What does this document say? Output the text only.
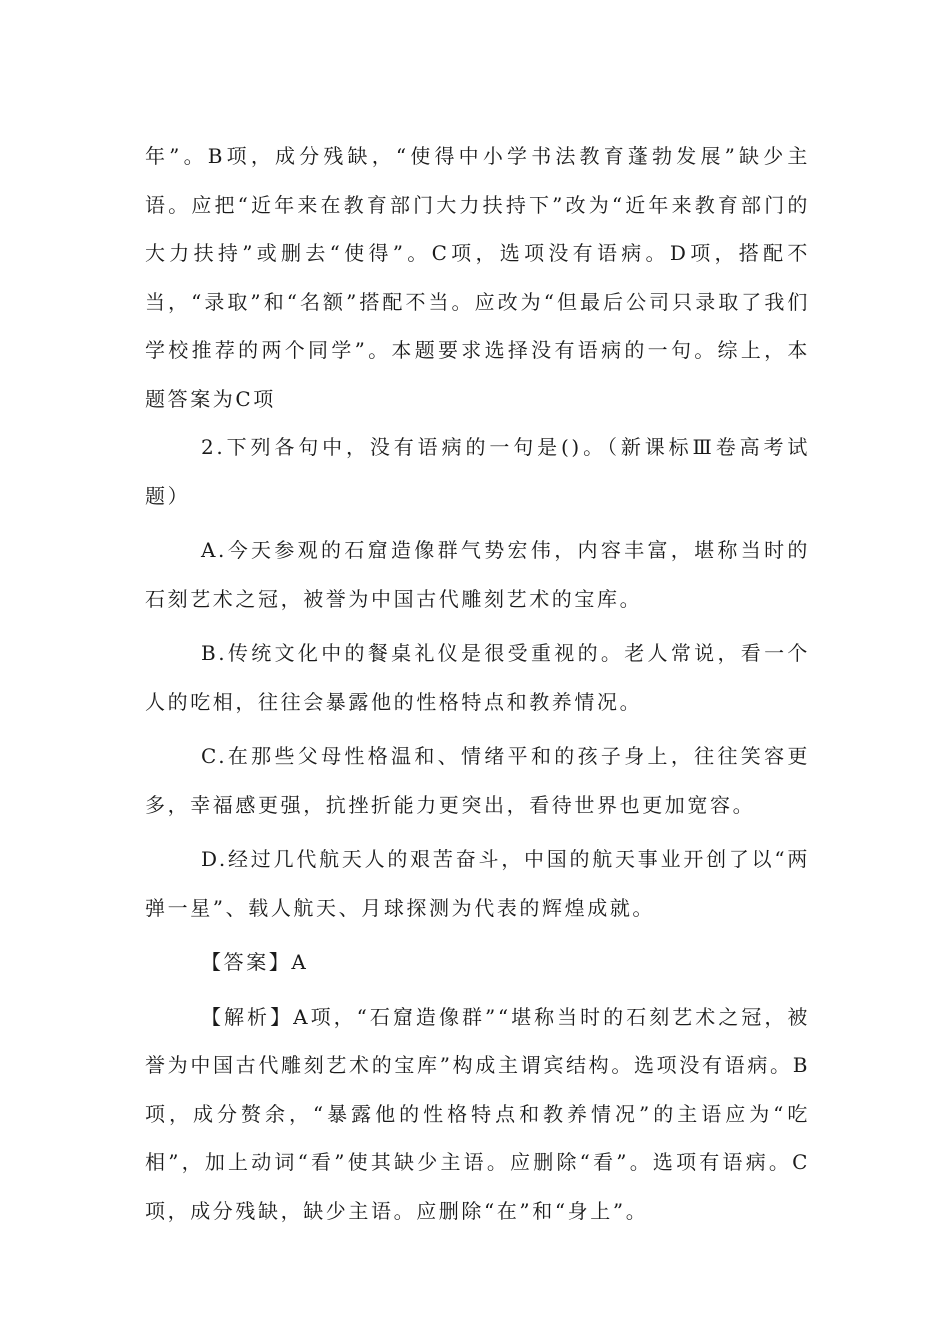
年”。B项，成分残缺，“使得中小学书法教育蓬勃发展”缺少主语。应把“近年来在教育部门大力扶持下”改为“近年来教育部门的大力扶持”或删去“使得”。C项，选项没有语病。D项，搭配不当，“录取”和“名额”搭配不当。应改为“但最后公司只录取了我们学校推荐的两个同学”。本题要求选择没有语病的一句。综上，本题答案为C项

2.下列各句中，没有语病的一句是()。（新课标Ⅲ卷高考试题）

A.今天参观的石窟造像群气势宏伟，内容丰富，堪称当时的石刻艺术之冠，被誉为中国古代雕刻艺术的宝库。

B.传统文化中的餐桌礼仪是很受重视的。老人常说，看一个人的吃相，往往会暴露他的性格特点和教养情况。

C.在那些父母性格温和、情绪平和的孩子身上，往往笑容更多，幸福感更强，抗挫折能力更突出，看待世界也更加宽容。

D.经过几代航天人的艰苦奋斗，中国的航天事业开创了以“两弹一星”、载人航天、月球探测为代表的辉煌成就。

【答案】A

【解析】A项，“石窟造像群”“堪称当时的石刻艺术之冠，被誉为中国古代雕刻艺术的宝库”构成主谓宾结构。选项没有语病。B项，成分赘余，“暴露他的性格特点和教养情况”的主语应为“吃相”，加上动词“看”使其缺少主语。应删除“看”。选项有语病。C项，成分残缺，缺少主语。应删除“在”和“身上”。
